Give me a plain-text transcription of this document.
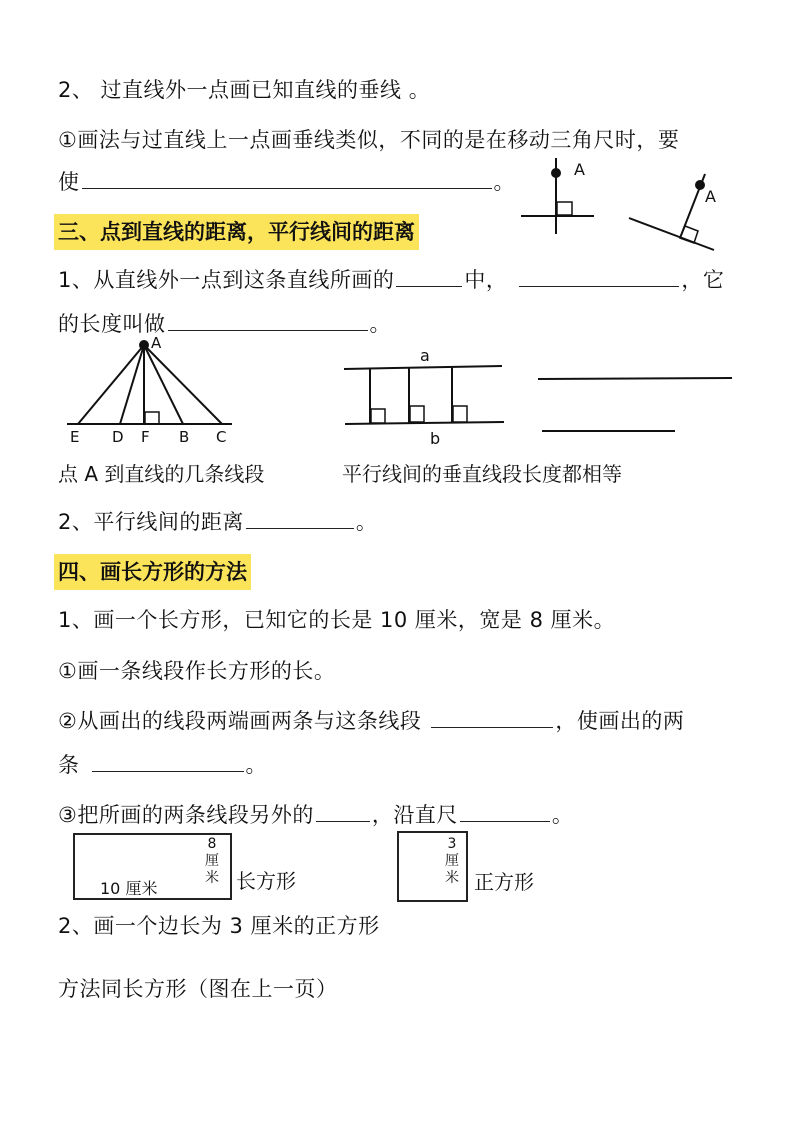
2、 过直线外一点画已知直线的垂线 。
①画法与过直线上一点画垂线类似，不同的是在移动三角尺时，要
使	。
A
A
三、点到直线的距离，平行线间的距离
1、从直线外一点到这条直线所画的	中，	，它
的长度叫做	。
A
E D F B C
a
b
点 A 到直线的几条线段	平行线间的垂直线段长度都相等
2、平行线间的距离	。
四、画长方形的方法
1、画一个长方形，已知它的长是 10 厘米，宽是 8 厘米。
①画一条线段作长方形的长。
②从画出的线段两端画两条与这条线段	，使画出的两
条	。
③把所画的两条线段另外的	，沿直尺	。
8
厘
米
10 厘米	长方形
3
厘
米 正方形
2、画一个边长为 3 厘米的正方形
方法同长方形（图在上一页）
